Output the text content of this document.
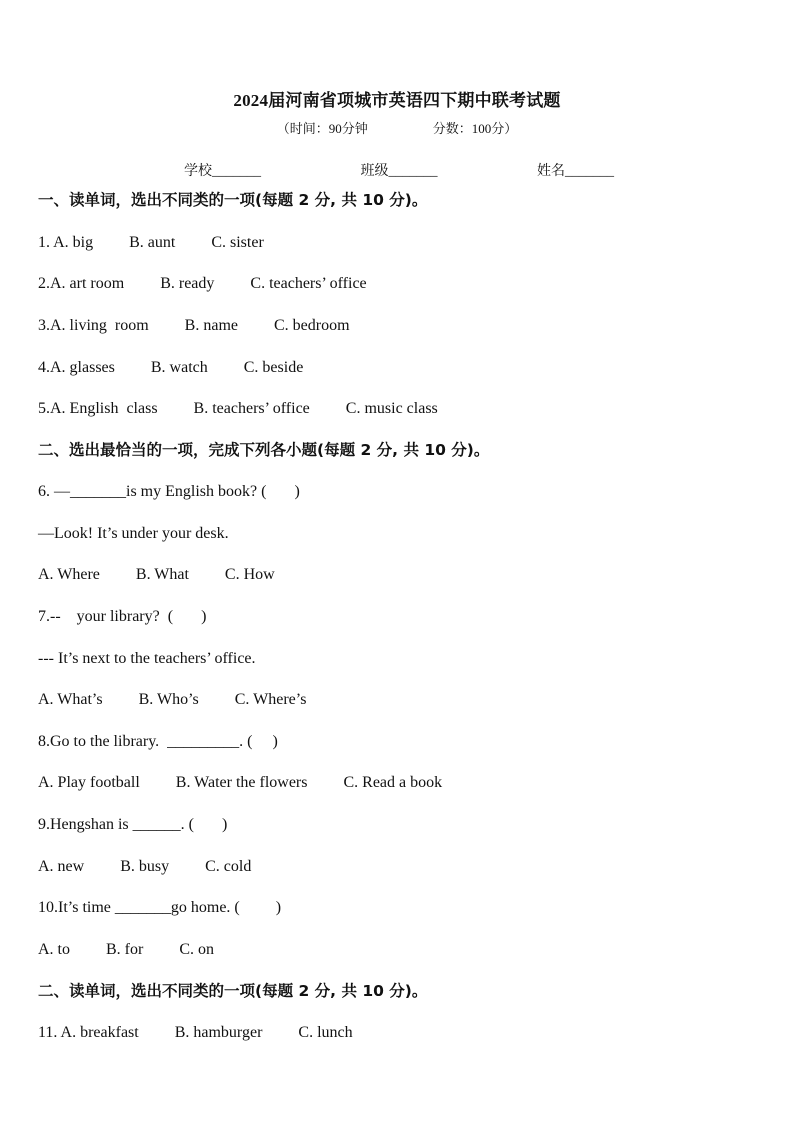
2024届河南省项城市英语四下期中联考试题
（时间：90分钟                    分数：100分）
学校_______	班级_______	姓名_______
一、读单词，选出不同类的一项(每题 2 分, 共 10 分)。
1. A. big         B. aunt         C. sister
2.A. art room         B. ready         C. teachers’ office
3.A. living  room         B. name         C. bedroom
4.A. glasses         B. watch         C. beside
5.A. English  class         B. teachers’ office         C. music class
二、选出最恰当的一项，完成下列各小题(每题 2 分, 共 10 分)。
6. —_______is my English book? (       )
—Look! It’s under your desk.
A. Where         B. What         C. How
7.--    your library?  (       )
--- It’s next to the teachers’ office.
A. What’s         B. Who’s         C. Where’s
8.Go to the library.  _________. (     )
A. Play football         B. Water the flowers         C. Read a book
9.Hengshan is ______. (       )
A. new         B. busy         C. cold
10.It’s time _______go home. (         )
A. to         B. for         C. on
二、读单词，选出不同类的一项(每题 2 分, 共 10 分)。
11. A. breakfast         B. hamburger         C. lunch
